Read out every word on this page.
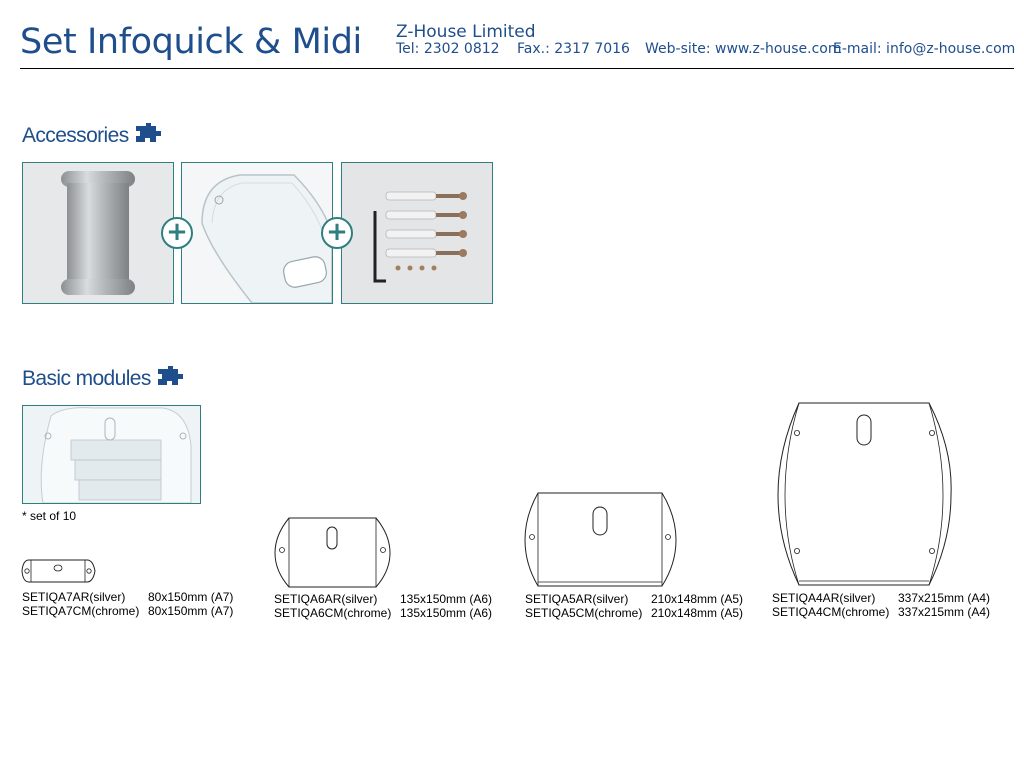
Set Infoquick & Midi Z-House Limited
Tel: 2302 0812 Fax.: 2317 7016 Web-site: www.z-house.com
E-mail: info@z-house.com
Accessories
+	+
Basic modules
* set of 10
SETIQA7AR(silver) 80x150mm (A7)
SETIQA7CM(chrome) 80x150mm (A7)
SETIQA6AR(silver) 135x150mm (A6)
SETIQA6CM(chrome) 135x150mm (A6)
SETIQA5AR(silver) 210x148mm (A5)
SETIQA5CM(chrome) 210x148mm (A5)
SETIQA4AR(silver) 337x215mm (A4)
SETIQA4CM(chrome) 337x215mm (A4)
